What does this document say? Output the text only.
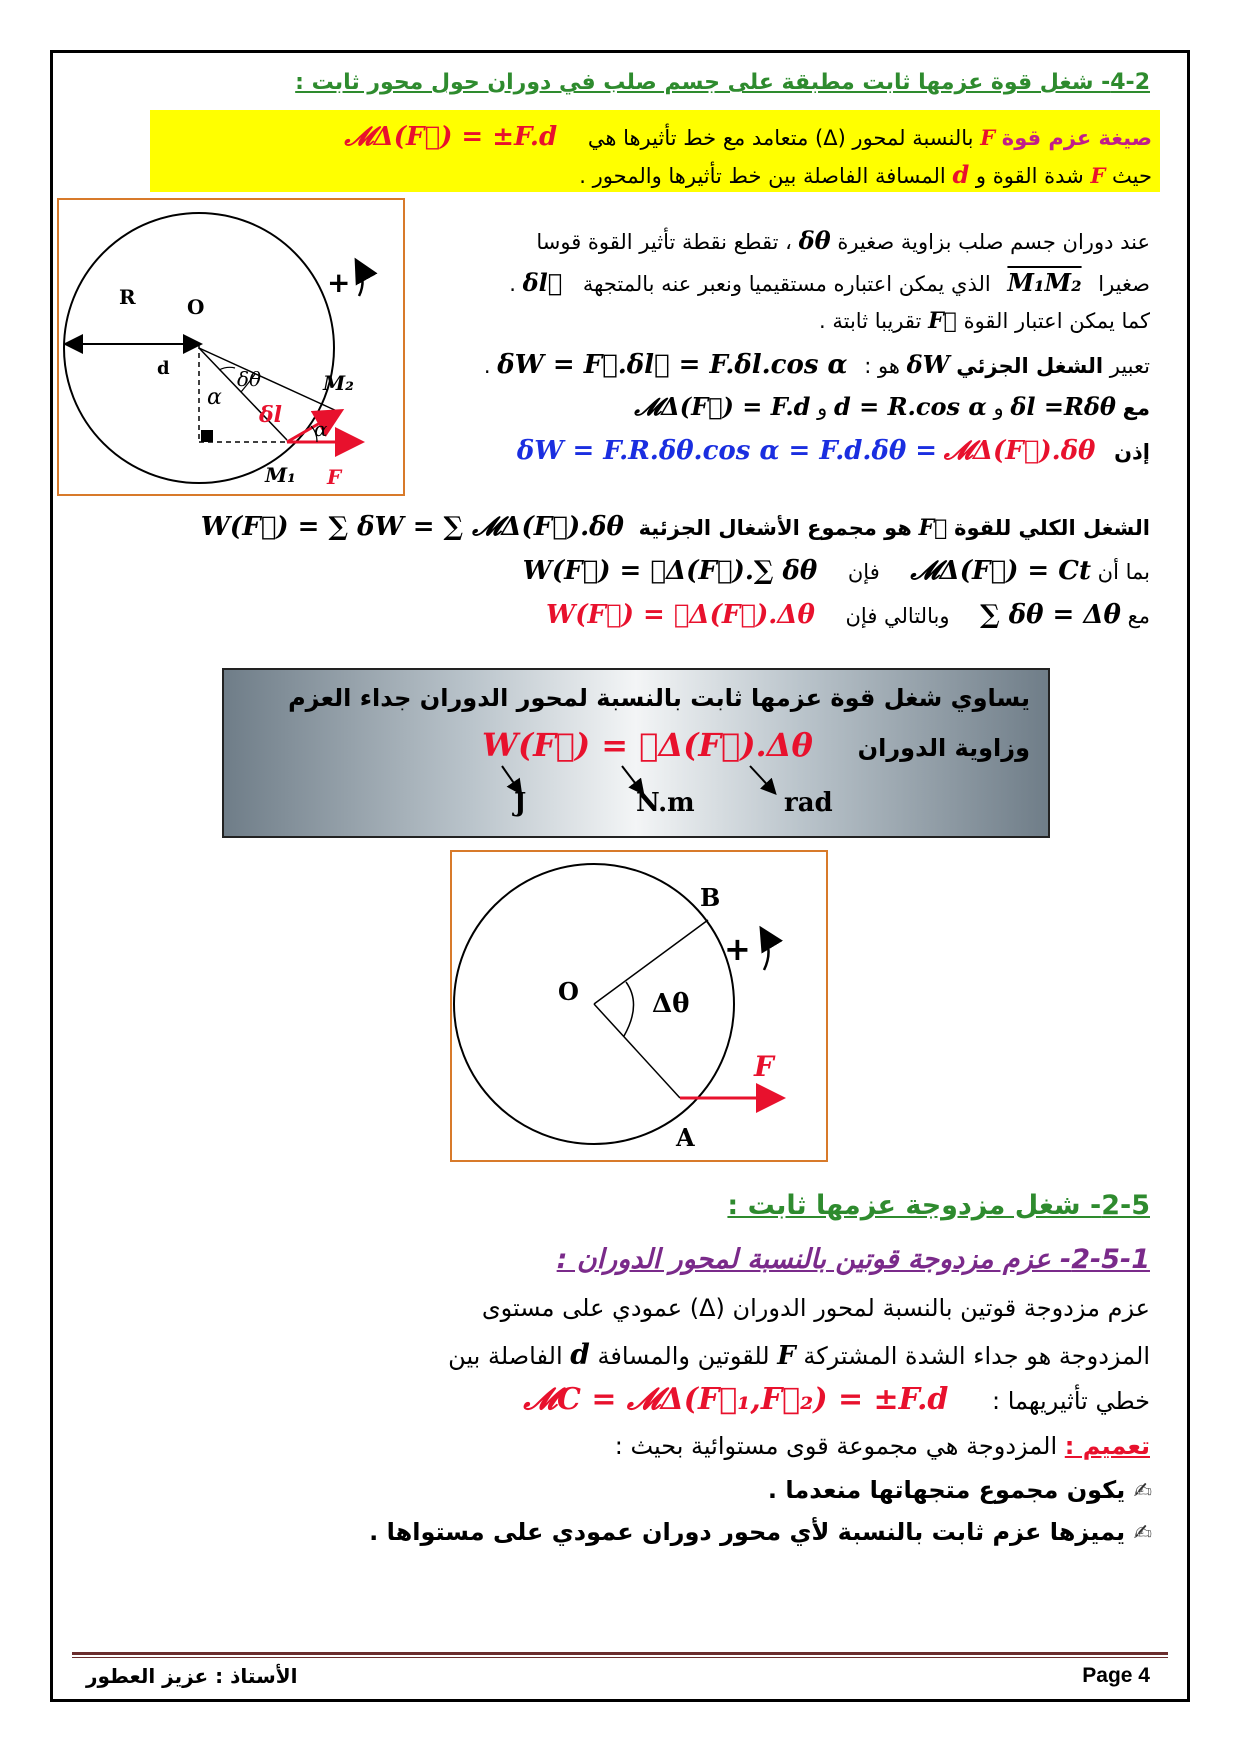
4-2- شغل قوة عزمها ثابت مطبقة على جسم صلب في دوران حول محور ثابت :
صيغة عزم قوة F بالنسبة لمحور (Δ) متعامد مع خط تأثيرها هي 𝓜Δ(F⃗) = ±F.d
حيث F شدة القوة و d المسافة الفاصلة بين خط تأثيرها والمحور .
R	O
d
α
δθ
δl
M₂
α
M₁ F
+
عند دوران جسم صلب بزاوية صغيرة δθ ، تقطع نقطة تأثير القوة قوسا
صغيرا M₁M₂ الذي يمكن اعتباره مستقيميا ونعبر عنه بالمتجهة δl⃗ .
كما يمكن اعتبار القوة F⃗ تقريبا ثابتة .
تعبير الشغل الجزئي δW هو : δW = F⃗.δl⃗ = F.δl.cos α .
مع δl =Rδθ و d = R.cos α و 𝓜Δ(F⃗) = F.d
إذن δW = F.R.δθ.cos α = F.d.δθ = 𝓜Δ(F⃗).δθ
الشغل الكلي للقوة F⃗ هو مجموع الأشغال الجزئية W(F⃗) = ∑ δW = ∑ 𝓜Δ(F⃗).δθ
بما أن 𝓜Δ(F⃗) = Ct فإن W(F⃗) = 𝓜Δ(F⃗).∑ δθ
مع ∑ δθ = Δθ وبالتالي فإن W(F⃗) = 𝓜Δ(F⃗).Δθ
يساوي شغل قوة عزمها ثابت بالنسبة لمحور الدوران جداء العزم
وزاوية الدوران
W(F⃗) = 𝓜Δ(F⃗).Δθ
J	N.m	rad
B
O	Δθ
F
A
+
2-5- شغل مزدوجة عزمها ثابت :
2-5-1- عزم مزدوجة قوتين بالنسبة لمحور الدوران :
عزم مزدوجة قوتين بالنسبة لمحور الدوران (Δ) عمودي على مستوى
المزدوجة هو جداء الشدة المشتركة F للقوتين والمسافة d الفاصلة بين
خطي تأثيريهما : 𝓜C = 𝓜Δ(F⃗₁,F⃗₂) = ±F.d
تعميم : المزدوجة هي مجموعة قوى مستوائية بحيث :
✍ يكون مجموع متجهاتها منعدما .
✍ يميزها عزم ثابت بالنسبة لأي محور دوران عمودي على مستواها .
الأستاذ : عزيز العطور	Page 4
